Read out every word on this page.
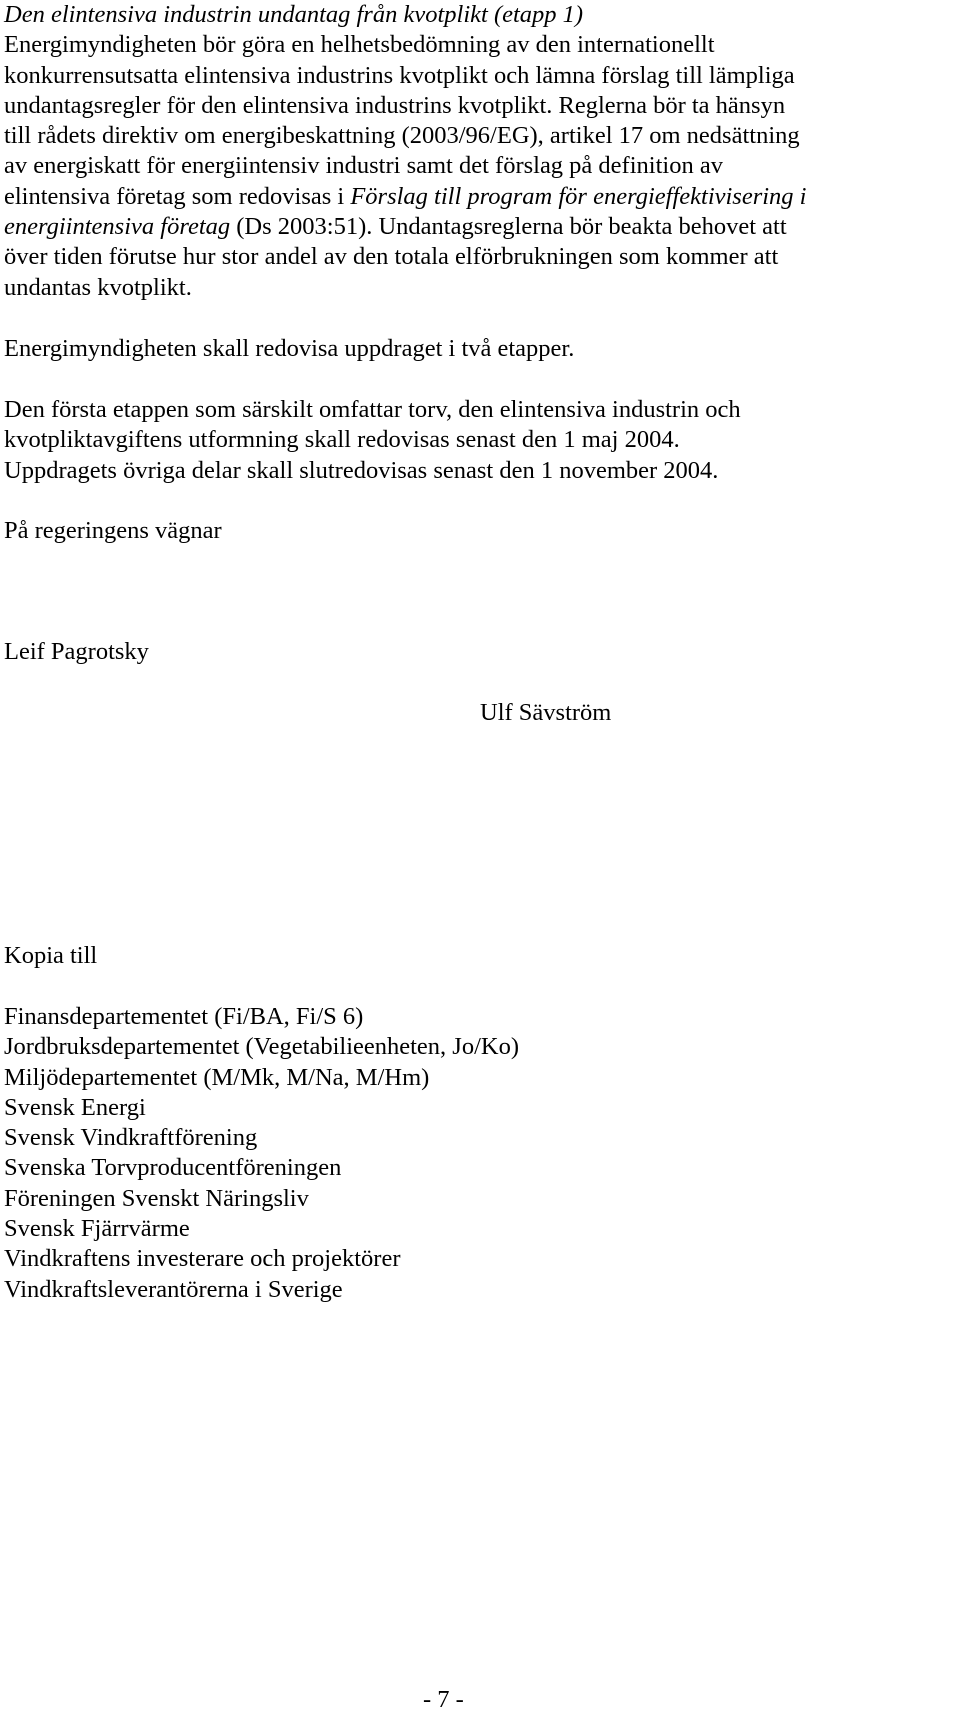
Den elintensiva industrin undantag från kvotplikt (etapp 1)
Energimyndigheten bör göra en helhetsbedömning av den internationellt
konkurrensutsatta elintensiva industrins kvotplikt och lämna förslag till lämpliga
undantagsregler för den elintensiva industrins kvotplikt. Reglerna bör ta hänsyn
till rådets direktiv om energibeskattning (2003/96/EG), artikel 17 om nedsättning
av energiskatt för energiintensiv industri samt det förslag på definition av
elintensiva företag som redovisas i Förslag till program för energieffektivisering i
energiintensiva företag (Ds 2003:51). Undantagsreglerna bör beakta behovet att
över tiden förutse hur stor andel av den totala elförbrukningen som kommer att
undantas kvotplikt.
Energimyndigheten skall redovisa uppdraget i två etapper.
Den första etappen som särskilt omfattar torv, den elintensiva industrin och
kvotpliktavgiftens utformning skall redovisas senast den 1 maj 2004.
Uppdragets övriga delar skall slutredovisas senast den 1 november 2004.
På regeringens vägnar
Leif Pagrotsky
Ulf Sävström
Kopia till
Finansdepartementet (Fi/BA, Fi/S 6)
Jordbruksdepartementet (Vegetabilieenheten, Jo/Ko)
Miljödepartementet (M/Mk, M/Na, M/Hm)
Svensk Energi
Svensk Vindkraftförening
Svenska Torvproducentföreningen
Föreningen Svenskt Näringsliv
Svensk Fjärrvärme
Vindkraftens investerare och projektörer
Vindkraftsleverantörerna i Sverige
- 7 -
